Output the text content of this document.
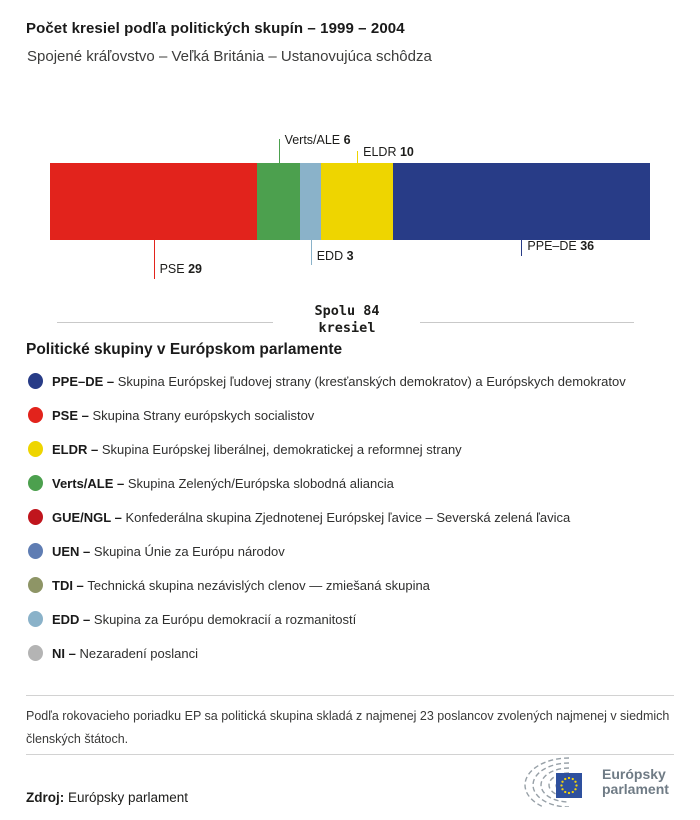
Počet kresiel podľa politických skupín – 1999 – 2004
Spojené kráľovstvo – Veľká Británia – Ustanovujúca schôdza
PSE 29
Verts/ALE 6
EDD 3
ELDR 10
PPE–DE 36
Spolu 84
kresiel
Politické skupiny v Európskom parlamente
PPE–DE – Skupina Európskej ľudovej strany (kresťanských demokratov) a Európskych demokratov
PSE – Skupina Strany európskych socialistov
ELDR – Skupina Európskej liberálnej, demokratickej a reformnej strany
Verts/ALE – Skupina Zelených/Európska slobodná aliancia
GUE/NGL – Konfederálna skupina Zjednotenej Európskej ľavice – Severská zelená ľavica
UEN – Skupina Únie za Európu národov
TDI – Technická skupina nezávislých clenov — zmiešaná skupina
EDD – Skupina za Európu demokracií a rozmanitostí
NI – Nezaradení poslanci
Podľa rokovacieho poriadku EP sa politická skupina skladá z najmenej 23 poslancov zvolených najmenej v siedmich členských štátoch.
Zdroj: Európsky parlament
Európsky
parlament
